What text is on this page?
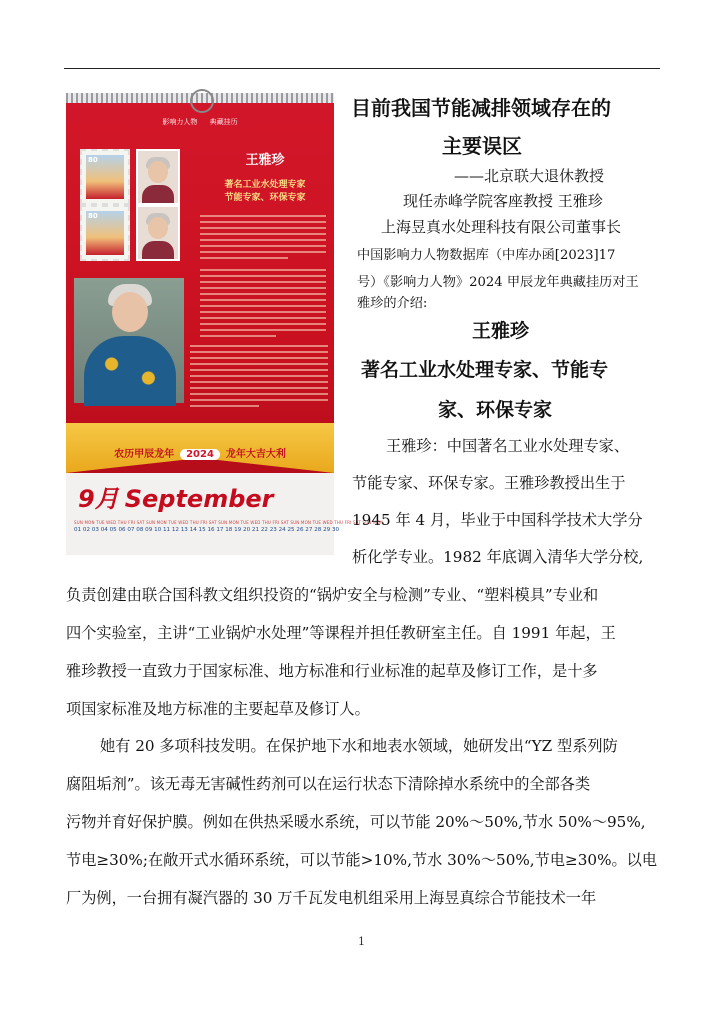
影响力人物 典藏挂历
80
80
王雅珍
著名工业水处理专家
节能专家、环保专家
农历甲辰龙年 2024 龙年大吉大利
9月 September
SUN MON TUE WED THU FRI SAT SUN MON TUE WED THU FRI SAT SUN MON TUE WED THU FRI SAT SUN MON TUE WED THU FRI SAT SUN MON
01 02 03 04 05 06 07 08 09 10 11 12 13 14 15 16 17 18 19 20 21 22 23 24 25 26 27 28 29 30
目前我国节能减排领域存在的
主要误区
——北京联大退休教授
现任赤峰学院客座教授 王雅珍
上海昱真水处理科技有限公司董事长
中国影响力人物数据库（中库办函[2023]17
号）《影响力人物》2024 甲辰龙年典藏挂历对王
雅珍的介绍:
王雅珍
著名工业水处理专家、节能专
家、环保专家
王雅珍：中国著名工业水处理专家、
节能专家、环保专家。王雅珍教授出生于
1945 年 4 月，毕业于中国科学技术大学分
析化学专业。1982 年底调入清华大学分校,
负责创建由联合国科教文组织投资的“锅炉安全与检测”专业、“塑料模具”专业和
四个实验室，主讲“工业锅炉水处理”等课程并担任教研室主任。自 1991 年起，王
雅珍教授一直致力于国家标准、地方标准和行业标准的起草及修订工作，是十多
项国家标准及地方标准的主要起草及修订人。
她有 20 多项科技发明。在保护地下水和地表水领域，她研发出“YZ 型系列防
腐阻垢剂”。该无毒无害碱性药剂可以在运行状态下清除掉水系统中的全部各类
污物并育好保护膜。例如在供热采暖水系统，可以节能 20%～50%,节水 50%～95%,
节电≥30%;在敞开式水循环系统，可以节能>10%,节水 30%～50%,节电≥30%。以电
厂为例，一台拥有凝汽器的 30 万千瓦发电机组采用上海昱真综合节能技术一年
1
